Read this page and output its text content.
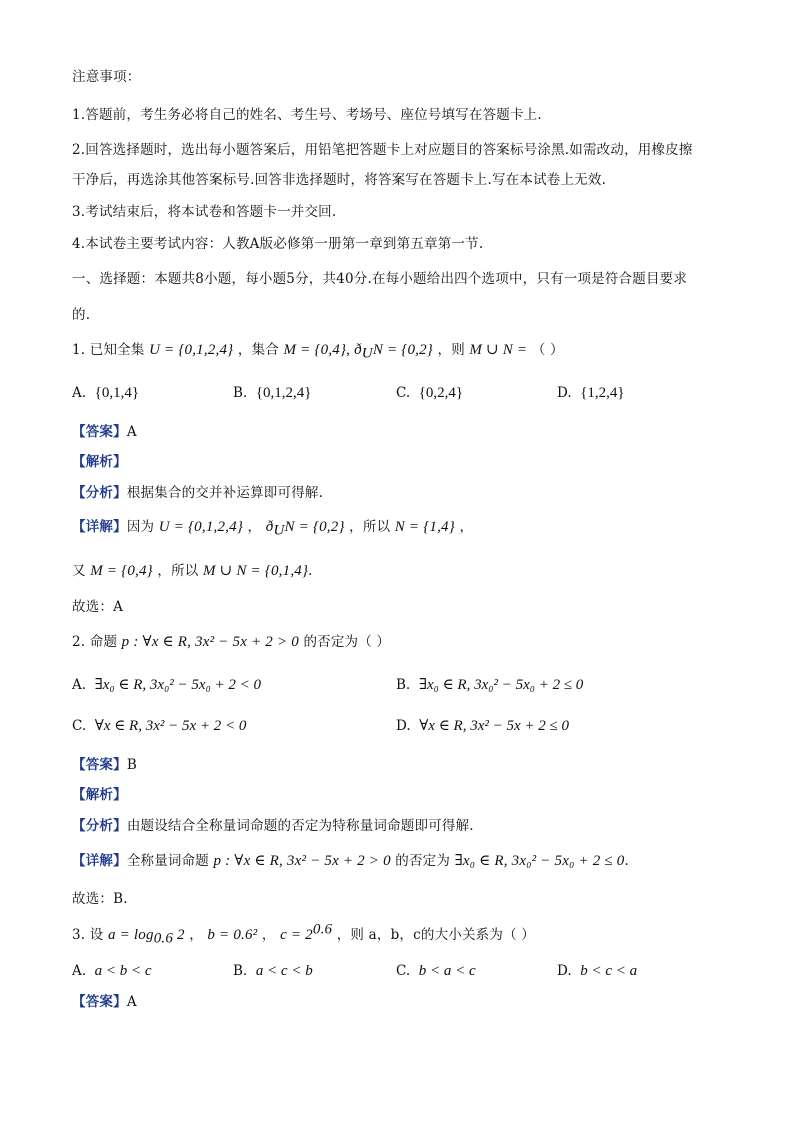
注意事项：
1.答题前，考生务必将自己的姓名、考生号、考场号、座位号填写在答题卡上.
2.回答选择题时，选出每小题答案后，用铅笔把答题卡上对应题目的答案标号涂黑.如需改动，用橡皮擦
干净后，再选涂其他答案标号.回答非选择题时，将答案写在答题卡上.写在本试卷上无效.
3.考试结束后，将本试卷和答题卡一并交回.
4.本试卷主要考试内容：人教A版必修第一册第一章到第五章第一节.
一、选择题：本题共8小题，每小题5分，共40分.在每小题给出四个选项中，只有一项是符合题目要求
的.
1. 已知全集 U = {0,1,2,4} ，集合 M = {0,4}, $ð_UN = \{0,2\}$ ，则 M ∪ N = （ ）
A. {0,1,4}	B. {0,1,2,4}	C. {0,2,4}	D. {1,2,4}
【答案】A
【解析】
【分析】根据集合的交并补运算即可得解.
【详解】因为 U = {0,1,2,4} ， $ð_UN = \{0,2\}$ ，所以 N = {1,4} ，
又 M = {0,4} ，所以 M ∪ N = {0,1,4}.
故选：A
2. 命题 p : ∀x ∈ R, 3x² − 5x + 2 > 0 的否定为（ ）
A. ∃x₀ ∈ R, 3x₀² − 5x₀ + 2 < 0	B. ∃x₀ ∈ R, 3x₀² − 5x₀ + 2 ≤ 0
C. ∀x ∈ R, 3x² − 5x + 2 < 0	D. ∀x ∈ R, 3x² − 5x + 2 ≤ 0
【答案】B
【解析】
【分析】由题设结合全称量词命题的否定为特称量词命题即可得解.
【详解】全称量词命题 p : ∀x ∈ R, 3x² − 5x + 2 > 0 的否定为 ∃x₀ ∈ R, 3x₀² − 5x₀ + 2 ≤ 0.
故选：B.
3. 设 $a = \log_{0.6} 2$ ， b = 0.6² ， $c = 2^{0.6}$ ，则 a，b，c的大小关系为（ ）
A. a < b < c	B. a < c < b	C. b < a < c	D. b < c < a
【答案】A
